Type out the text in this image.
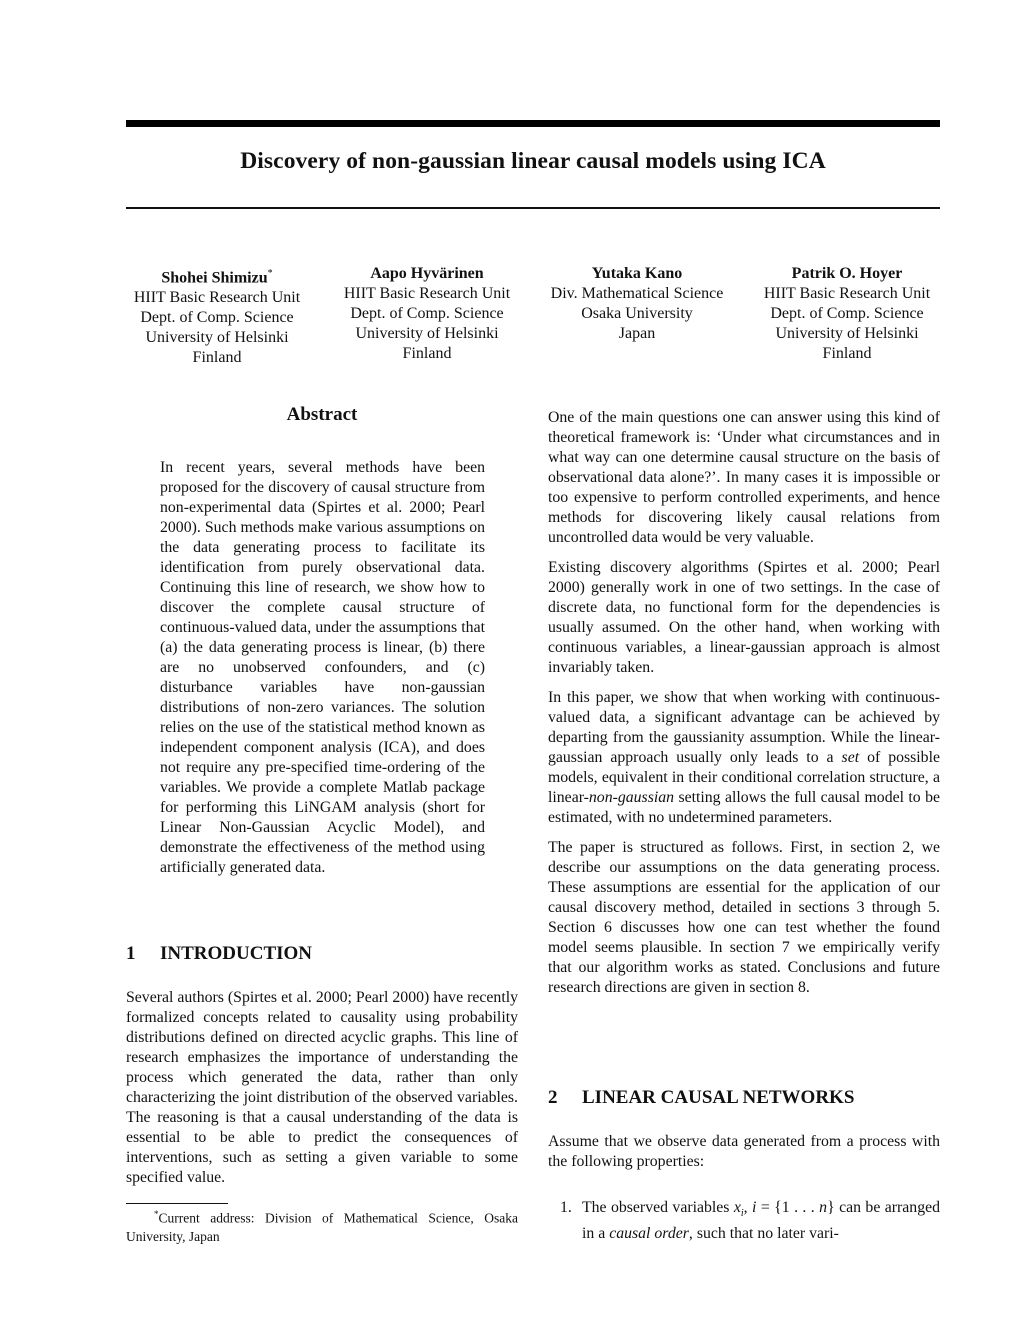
Discovery of non-gaussian linear causal models using ICA
Shohei Shimizu*
HIIT Basic Research Unit
Dept. of Comp. Science
University of Helsinki
Finland
Aapo Hyvärinen
HIIT Basic Research Unit
Dept. of Comp. Science
University of Helsinki
Finland
Yutaka Kano
Div. Mathematical Science
Osaka University
Japan
Patrik O. Hoyer
HIIT Basic Research Unit
Dept. of Comp. Science
University of Helsinki
Finland
Abstract

In recent years, several methods have been proposed for the discovery of causal structure from non-experimental data (Spirtes et al. 2000; Pearl 2000). Such methods make various assumptions on the data generating process to facilitate its identification from purely observational data. Continuing this line of research, we show how to discover the complete causal structure of continuous-valued data, under the assumptions that (a) the data generating process is linear, (b) there are no unobserved confounders, and (c) disturbance variables have non-gaussian distributions of non-zero variances. The solution relies on the use of the statistical method known as independent component analysis (ICA), and does not require any pre-specified time-ordering of the variables. We provide a complete Matlab package for performing this LiNGAM analysis (short for Linear Non-Gaussian Acyclic Model), and demonstrate the effectiveness of the method using artificially generated data.

1 INTRODUCTION

Several authors (Spirtes et al. 2000; Pearl 2000) have recently formalized concepts related to causality using probability distributions defined on directed acyclic graphs. This line of research emphasizes the importance of understanding the process which generated the data, rather than only characterizing the joint distribution of the observed variables. The reasoning is that a causal understanding of the data is essential to be able to predict the consequences of interventions, such as setting a given variable to some specified value.

*Current address: Division of Mathematical Science, Osaka University, Japan

One of the main questions one can answer using this kind of theoretical framework is: ‘Under what circumstances and in what way can one determine causal structure on the basis of observational data alone?’. In many cases it is impossible or too expensive to perform controlled experiments, and hence methods for discovering likely causal relations from uncontrolled data would be very valuable.

Existing discovery algorithms (Spirtes et al. 2000; Pearl 2000) generally work in one of two settings. In the case of discrete data, no functional form for the dependencies is usually assumed. On the other hand, when working with continuous variables, a linear-gaussian approach is almost invariably taken.

In this paper, we show that when working with continuous-valued data, a significant advantage can be achieved by departing from the gaussianity assumption. While the linear-gaussian approach usually only leads to a set of possible models, equivalent in their conditional correlation structure, a linear-non-gaussian setting allows the full causal model to be estimated, with no undetermined parameters.

The paper is structured as follows. First, in section 2, we describe our assumptions on the data generating process. These assumptions are essential for the application of our causal discovery method, detailed in sections 3 through 5. Section 6 discusses how one can test whether the found model seems plausible. In section 7 we empirically verify that our algorithm works as stated. Conclusions and future research directions are given in section 8.

2 LINEAR CAUSAL NETWORKS

Assume that we observe data generated from a process with the following properties:

1. The observed variables $x_i$, i = {1 . . . n} can be arranged in a causal order, such that no later vari-
